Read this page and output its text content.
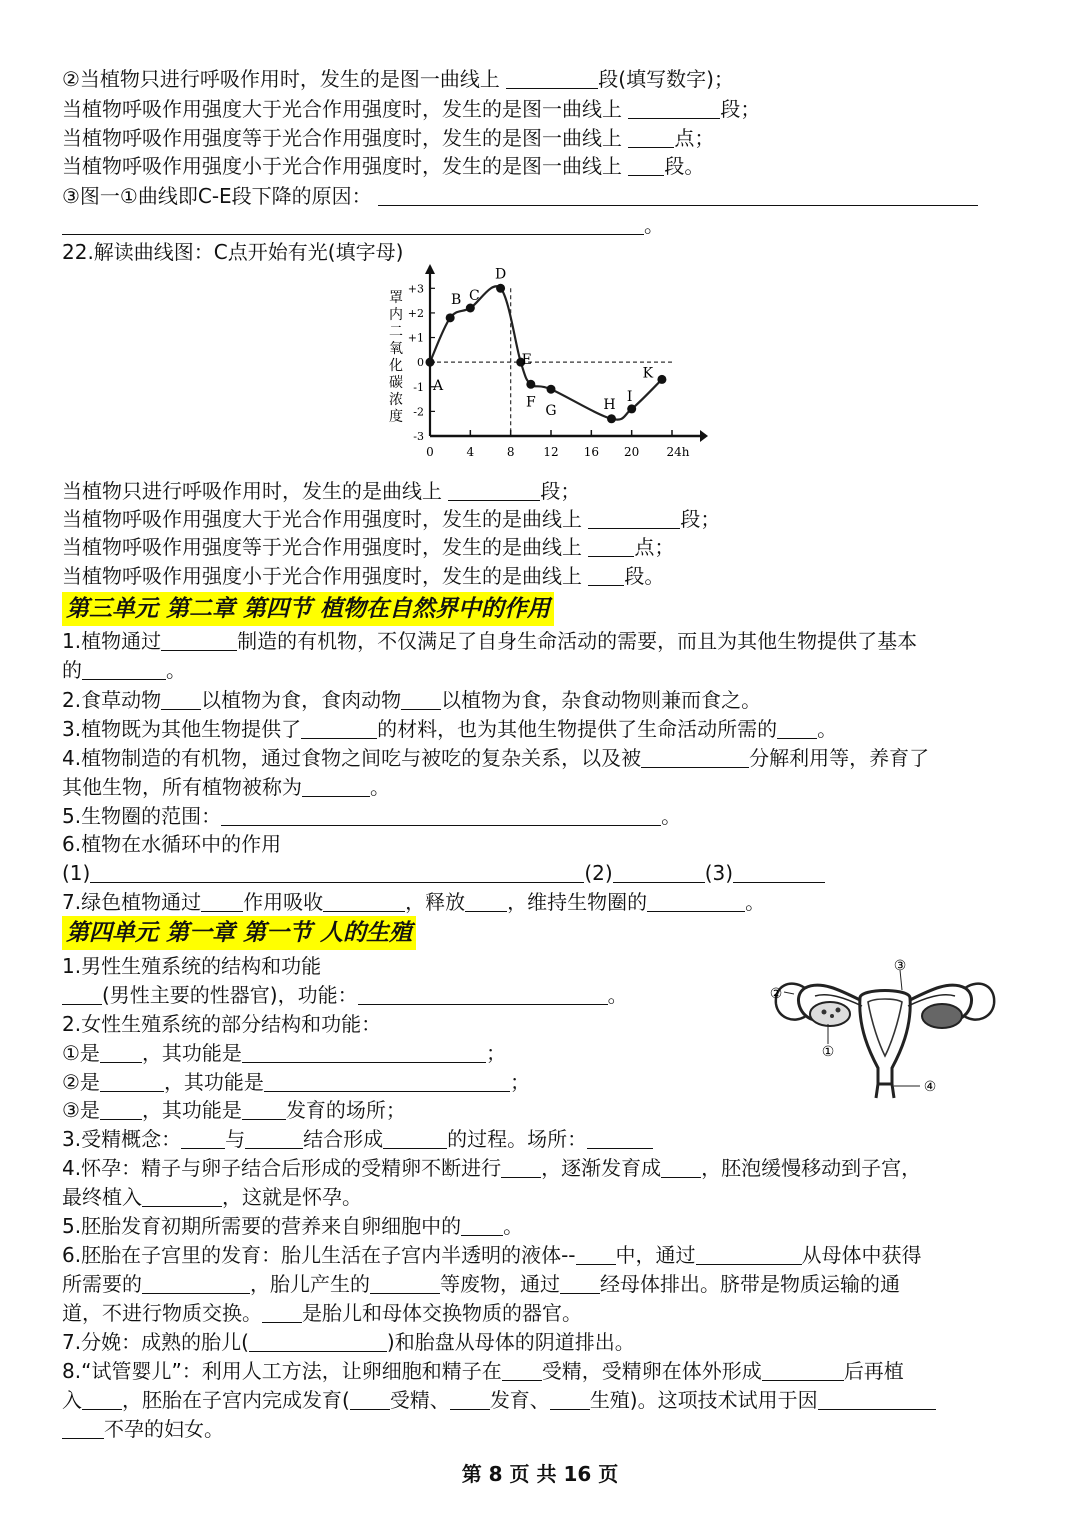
②当植物只进行呼吸作用时，发生的是图一曲线上	段(填写数字)；
当植物呼吸作用强度大于光合作用强度时，发生的是图一曲线上	段；
当植物呼吸作用强度等于光合作用强度时，发生的是图一曲线上	点；
当植物呼吸作用强度小于光合作用强度时，发生的是图一曲线上 段。
③图一①曲线即C-E段下降的原因：
。
22.解读曲线图：C点开始有光(填字母)
罩
内
二
氧
化
碳
浓
度
0	4	8 12 16 20 24h
+3
+2
+1
0
-1
-2
-3
A
B C
D
E
F
G	H I
K
当植物只进行呼吸作用时，发生的是曲线上	段；
当植物呼吸作用强度大于光合作用强度时，发生的是曲线上	段；
当植物呼吸作用强度等于光合作用强度时，发生的是曲线上	点；
当植物呼吸作用强度小于光合作用强度时，发生的是曲线上 段。
第三单元 第二章 第四节 植物在自然界中的作用
1.植物通过	制造的有机物，不仅满足了自身生命活动的需要，而且为其他生物提供了基本
的	。
2.食草动物 以植物为食，食肉动物 以植物为食，杂食动物则兼而食之。
3.植物既为其他生物提供了	的材料，也为其他生物提供了生命活动所需的 。
4.植物制造的有机物，通过食物之间吃与被吃的复杂关系，以及被	分解利用等，养育了
其他生物，所有植物被称为	。
5.生物圈的范围：	。
6.植物在水循环中的作用
(1)	(2)	(3)
7.绿色植物通过 作用吸收	，释放 ，维持生物圈的	。
第四单元 第一章 第一节 人的生殖
1.男性生殖系统的结构和功能
(男性主要的性器官)，功能：	。
2.女性生殖系统的部分结构和功能：
①是 ，其功能是	；
②是	，其功能是	；
③是 ，其功能是 发育的场所；
3.受精概念： 与	结合形成	的过程。场所：
4.怀孕：精子与卵子结合后形成的受精卵不断进行 ，逐渐发育成 ，胚泡缓慢移动到子宫，
最终植入	，这就是怀孕。
5.胚胎发育初期所需要的营养来自卵细胞中的 。
6.胚胎在子宫里的发育：胎儿生活在子宫内半透明的液体-- 中，通过	从母体中获得
所需要的	，胎儿产生的	等废物，通过 经母体排出。脐带是物质运输的通
道，不进行物质交换。 是胎儿和母体交换物质的器官。
7.分娩：成熟的胎儿(	)和胎盘从母体的阴道排出。
8.“试管婴儿”：利用人工方法，让卵细胞和精子在 受精，受精卵在体外形成	后再植
入 ，胚胎在子宫内完成发育( 受精、 发育、 生殖)。这项技术试用于因
不孕的妇女。
①
②
③
④
第 8 页 共 16 页
